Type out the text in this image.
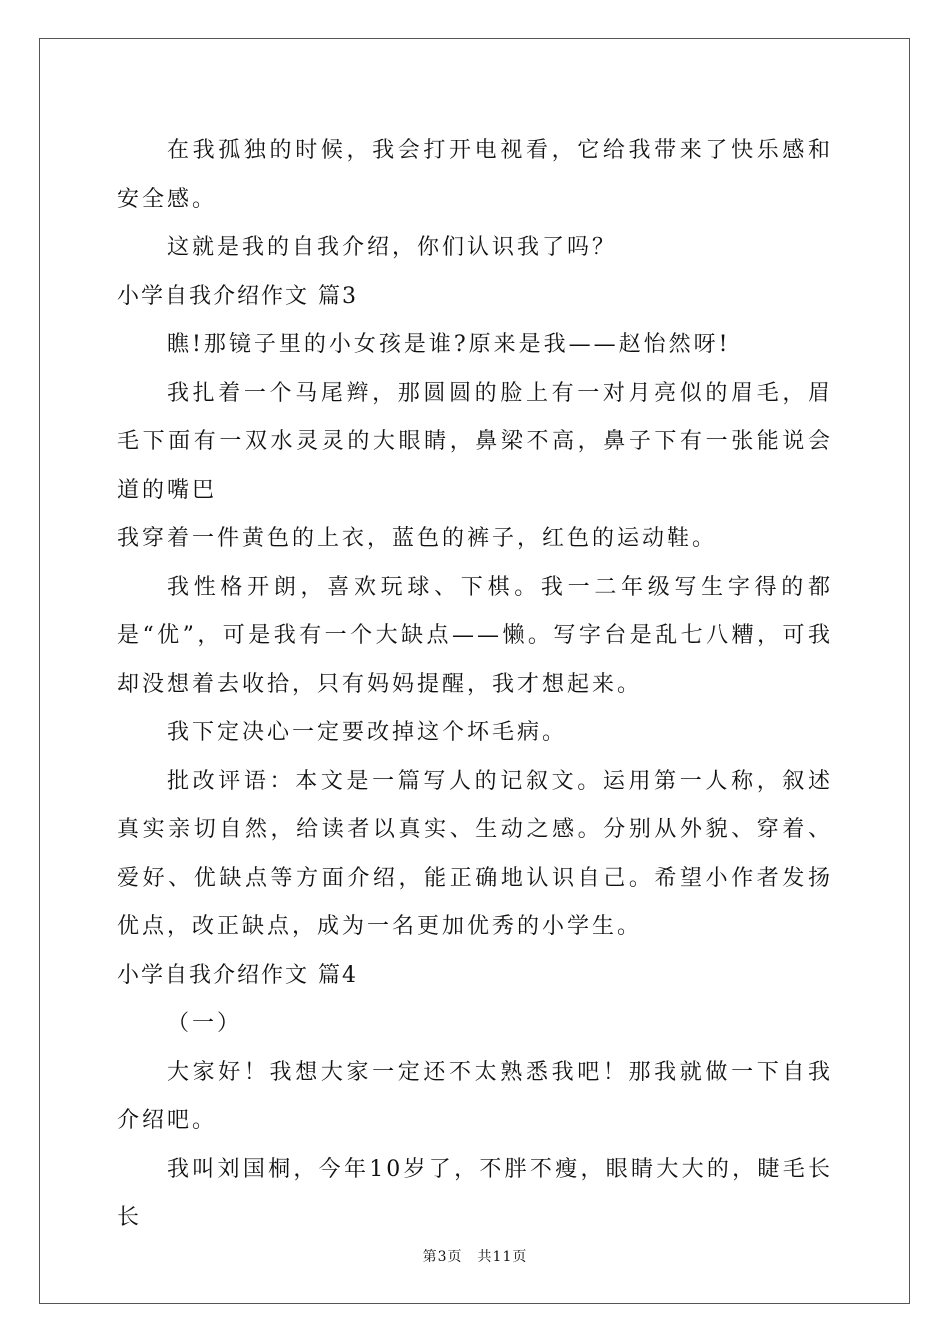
在我孤独的时候，我会打开电视看，它给我带来了快乐感和安全感。

这就是我的自我介绍，你们认识我了吗？

小学自我介绍作文 篇3

瞧!那镜子里的小女孩是谁?原来是我——赵怡然呀!

我扎着一个马尾辫，那圆圆的脸上有一对月亮似的眉毛，眉毛下面有一双水灵灵的大眼睛，鼻梁不高，鼻子下有一张能说会道的嘴巴

我穿着一件黄色的上衣，蓝色的裤子，红色的运动鞋。

我性格开朗，喜欢玩球、下棋。我一二年级写生字得的都是“优”，可是我有一个大缺点——懒。写字台是乱七八糟，可我却没想着去收拾，只有妈妈提醒，我才想起来。

我下定决心一定要改掉这个坏毛病。

批改评语：本文是一篇写人的记叙文。运用第一人称，叙述真实亲切自然，给读者以真实、生动之感。分别从外貌、穿着、爱好、优缺点等方面介绍，能正确地认识自己。希望小作者发扬优点，改正缺点，成为一名更加优秀的小学生。

小学自我介绍作文 篇4

（一）

大家好！我想大家一定还不太熟悉我吧！那我就做一下自我介绍吧。

我叫刘国桐，今年10岁了，不胖不瘦，眼睛大大的，睫毛长长

第3页　共11页
